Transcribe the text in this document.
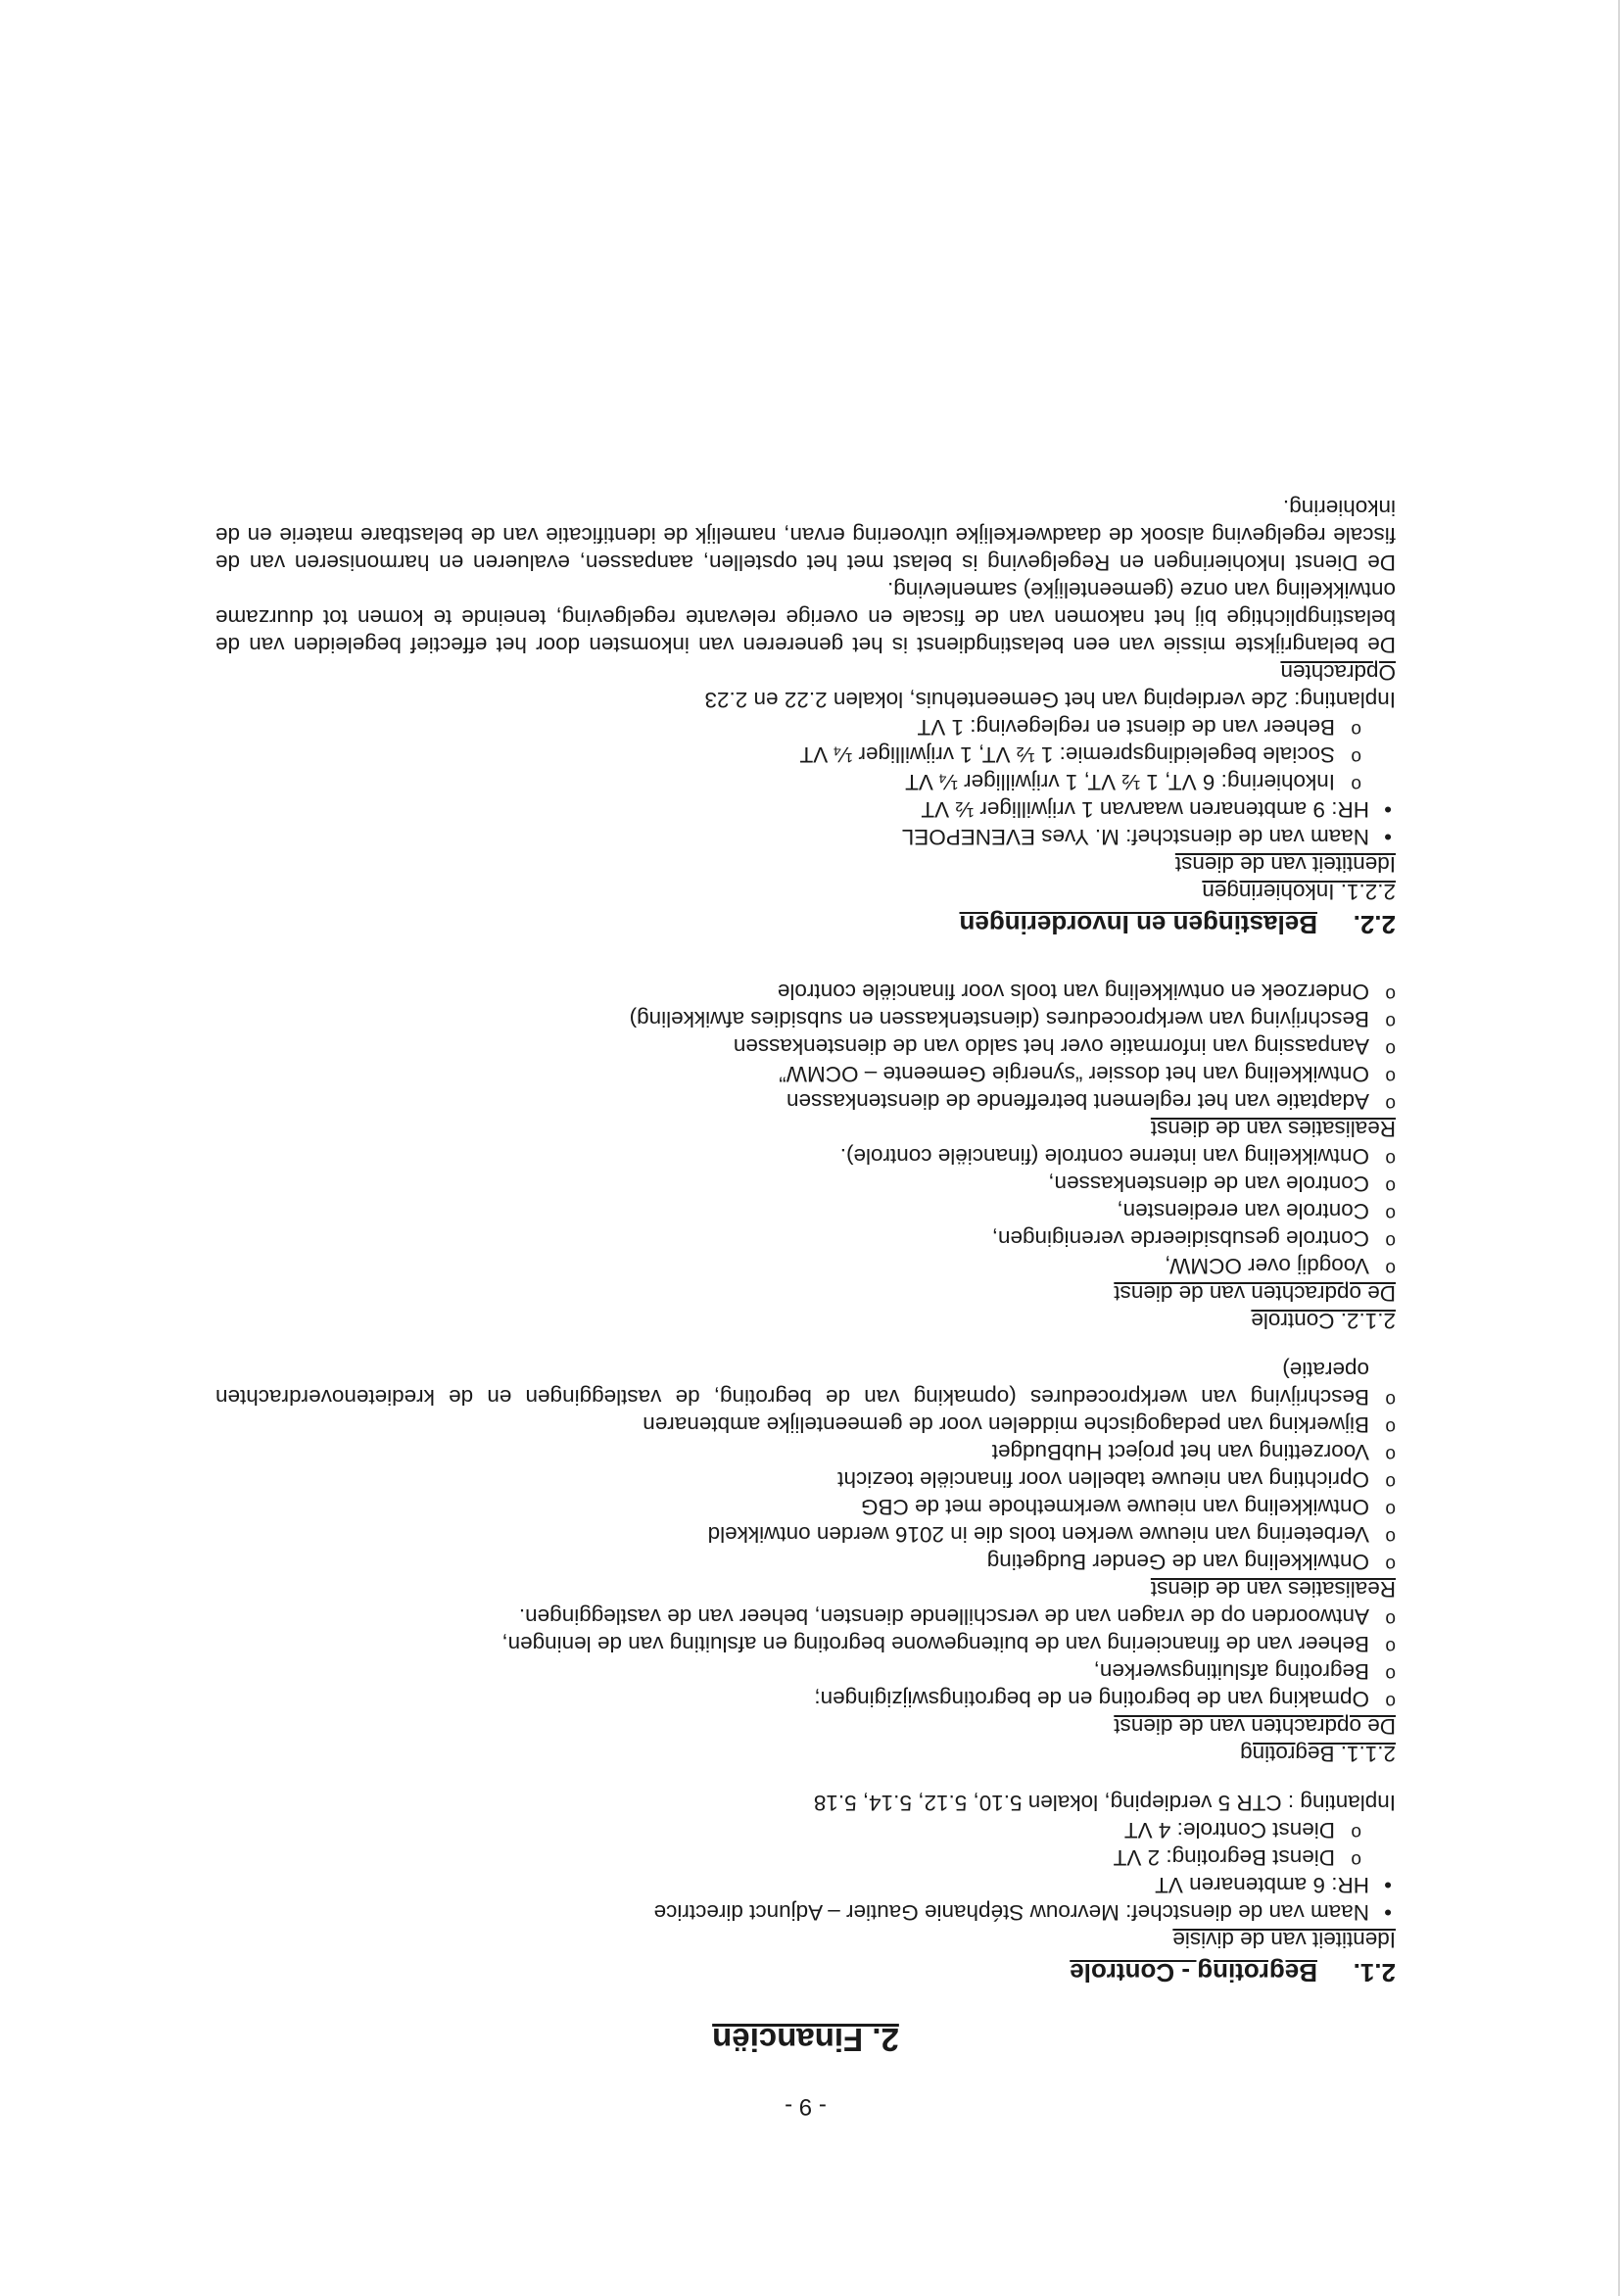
- 9 -
2. Financiën
2.1.Begroting - Controle
Identiteit van de divisie
• Naam van de dienstchef: Mevrouw Stéphanie Gautier – Adjunct directrice
• HR: 6 ambtenaren VT
o Dienst Begroting: 2 VT
o Dienst Controle: 4 VT
Inplanting : CTR 5 verdieping, lokalen 5.10, 5.12, 5.14, 5.18
2.1.1. Begroting
De opdrachten van de dienst
o Opmaking van de begroting en de begrotingswijzigingen;
o Begroting afsluitingswerken,
o Beheer van de financiering van de buitengewone begroting en afsluiting van de leningen,
o Antwoorden op de vragen van de verschillende diensten, beheer van de vastleggingen.
Realisaties van de dienst
o Ontwikkeling van de Gender Budgeting
o Verbetering van nieuwe werken tools die in 2016 werden ontwikkeld
o Ontwikkeling van nieuwe werkmethode met de CBG
o Oprichting van nieuwe tabellen voor financiële toezicht
o Voorzetting van het project HubBudget
o Bijwerking van pedagogische middelen voor de gemeentelijke ambtenaren
o Beschrijving van werkprocedures (opmaking van de begroting, de vastleggingen en de kredietenoverdrachten operatie)
2.1.2. Controle
De opdrachten van de dienst
o Voogdij over OCMW,
o Controle gesubsidieerde verenigingen,
o Controle van erediensten,
o Controle van de dienstenkassen,
o Ontwikkeling van interne controle (financiële controle).
Realisaties van de dienst
o Adaptatie van het reglement betreffende de dienstenkassen
o Ontwikkeling van het dossier “synergie Gemeente – OCMW”
o Aanpassing van informatie over het saldo van de dienstenkassen
o Beschrijving van werkprocedures (dienstenkassen en subsidies afwikkeling)
o Onderzoek en ontwikkeling van tools voor financiële controle
2.2.Belastingen en Invorderingen
2.2.1. Inkohieringen
Identiteit van de dienst
• Naam van de dienstchef: M. Yves EVENEPOEL
• HR: 9 ambtenaren waarvan 1 vrijwilliger ½ VT
o Inkohiering: 6 VT, 1 ½ VT, 1 vrijwilliger ¼ VT
o Sociale begeleidingspremie: 1 ½ VT, 1 vrijwilliger ¼ VT
o Beheer van de dienst en reglegeving: 1 VT
Inplanting: 2de verdieping van het Gemeentehuis, lokalen 2.22 en 2.23
Opdrachten
De belangrijkste missie van een belastingdienst is het genereren van inkomsten door het effectief begeleiden van de belastingplichtige bij het nakomen van de fiscale en overige relevante regelgeving, teneinde te komen tot duurzame ontwikkeling van onze (gemeentelijke) samenleving.
De Dienst Inkohieringen en Regelgeving is belast met het opstellen, aanpassen, evalueren en harmoniseren van de fiscale regelgeving alsook de daadwerkelijke uitvoering ervan, namelijk de identificatie van de belastbare materie en de inkohiering.
